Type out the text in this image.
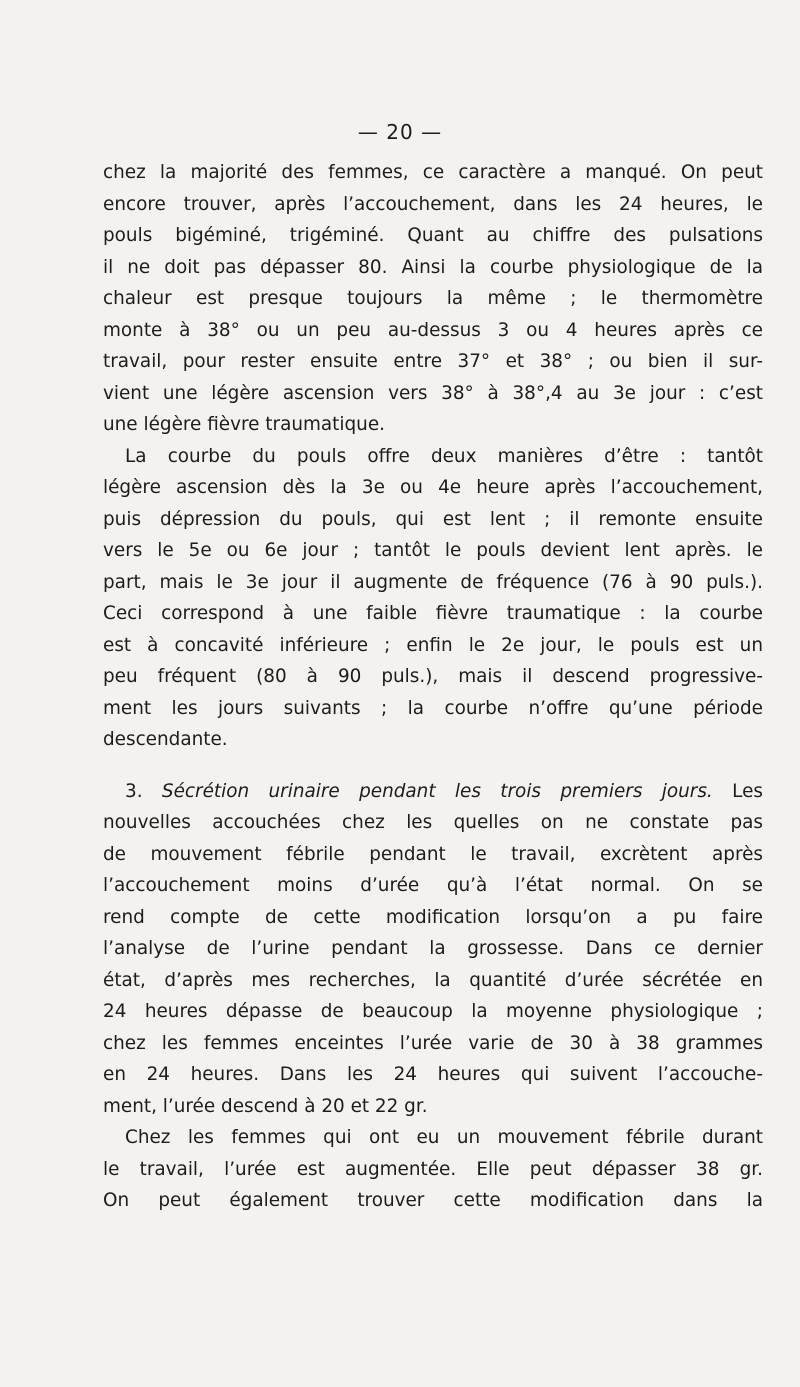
— 20 —
chez la majorité des femmes, ce caractère a manqué. On peut
encore trouver, après l’accouchement, dans les 24 heures, le
pouls bigéminé, trigéminé. Quant au chiffre des pulsations
il ne doit pas dépasser 80. Ainsi la courbe physiologique de la
chaleur est presque toujours la même ; le thermomètre
monte à 38° ou un peu au-dessus 3 ou 4 heures après ce
travail, pour rester ensuite entre 37° et 38° ; ou bien il sur-
vient une légère ascension vers 38° à 38°,4 au 3e jour : c’est
une légère fièvre traumatique.
La courbe du pouls offre deux manières d’être : tantôt
légère ascension dès la 3e ou 4e heure après l’accouchement,
puis dépression du pouls, qui est lent ; il remonte ensuite
vers le 5e ou 6e jour ; tantôt le pouls devient lent après. le
part, mais le 3e jour il augmente de fréquence (76 à 90 puls.).
Ceci correspond à une faible fièvre traumatique : la courbe
est à concavité inférieure ; enfin le 2e jour, le pouls est un
peu fréquent (80 à 90 puls.), mais il descend progressive-
ment les jours suivants ; la courbe n’offre qu’une période
descendante.
3. Sécrétion urinaire pendant les trois premiers jours. Les
nouvelles accouchées chez les quelles on ne constate pas
de mouvement fébrile pendant le travail, excrètent après
l’accouchement moins d’urée qu’à l’état normal. On se
rend compte de cette modification lorsqu’on a pu faire
l’analyse de l’urine pendant la grossesse. Dans ce dernier
état, d’après mes recherches, la quantité d’urée sécrétée en
24 heures dépasse de beaucoup la moyenne physiologique ;
chez les femmes enceintes l’urée varie de 30 à 38 grammes
en 24 heures. Dans les 24 heures qui suivent l’accouche-
ment, l’urée descend à 20 et 22 gr.
Chez les femmes qui ont eu un mouvement fébrile durant
le travail, l’urée est augmentée. Elle peut dépasser 38 gr.
On peut également trouver cette modification dans la
